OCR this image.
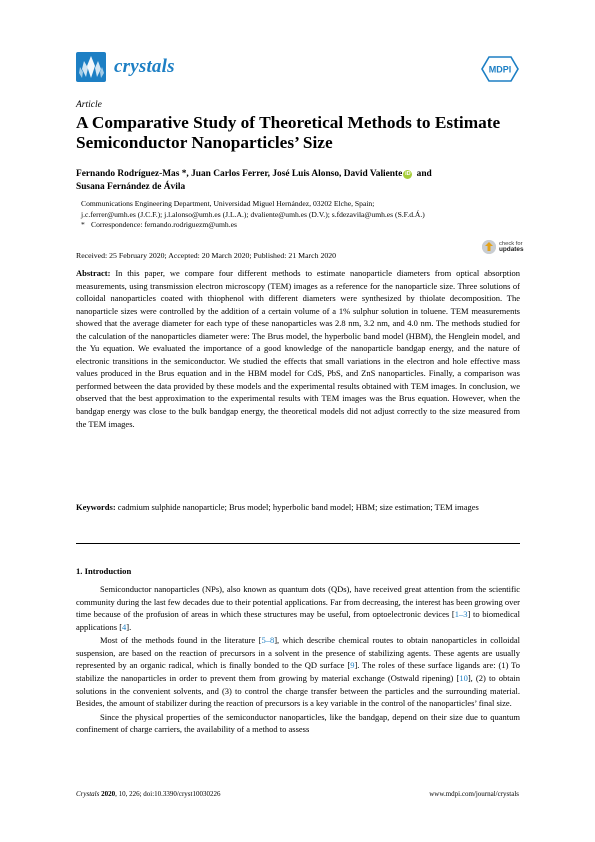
crystals	MDPI
Article
A Comparative Study of Theoretical Methods to Estimate Semiconductor Nanoparticles’ Size
Fernando Rodríguez-Mas *, Juan Carlos Ferrer, José Luis Alonso, David Valiente iD and
Susana Fernández de Ávila
Communications Engineering Department, Universidad Miguel Hernández, 03202 Elche, Spain;
j.c.ferrer@umh.es (J.C.F.); j.l.alonso@umh.es (J.L.A.); dvaliente@umh.es (D.V.); s.fdezavila@umh.es (S.F.d.Á.)
* Correspondence: fernando.rodriguezm@umh.es
Received: 25 February 2020; Accepted: 20 March 2020; Published: 21 March 2020
check for
updates
Abstract: In this paper, we compare four different methods to estimate nanoparticle diameters from optical absorption measurements, using transmission electron microscopy (TEM) images as a reference for the nanoparticle size. Three solutions of colloidal nanoparticles coated with thiophenol with different diameters were synthesized by thiolate decomposition. The nanoparticle sizes were controlled by the addition of a certain volume of a 1% sulphur solution in toluene. TEM measurements showed that the average diameter for each type of these nanoparticles was 2.8 nm, 3.2 nm, and 4.0 nm. The methods studied for the calculation of the nanoparticles diameter were: The Brus model, the hyperbolic band model (HBM), the Henglein model, and the Yu equation. We evaluated the importance of a good knowledge of the nanoparticle bandgap energy, and the nature of electronic transitions in the semiconductor. We studied the effects that small variations in the electron and hole effective mass values produced in the Brus equation and in the HBM model for CdS, PbS, and ZnS nanoparticles. Finally, a comparison was performed between the data provided by these models and the experimental results obtained with TEM images. In conclusion, we observed that the best approximation to the experimental results with TEM images was the Brus equation. However, when the bandgap energy was close to the bulk bandgap energy, the theoretical models did not adjust correctly to the size measured from the TEM images.
Keywords: cadmium sulphide nanoparticle; Brus model; hyperbolic band model; HBM; size estimation; TEM images
1. Introduction

Semiconductor nanoparticles (NPs), also known as quantum dots (QDs), have received great attention from the scientific community during the last few decades due to their potential applications. Far from decreasing, the interest has been growing over time because of the profusion of areas in which these structures may be useful, from optoelectronic devices [1–3] to biomedical applications [4].

Most of the methods found in the literature [5–8], which describe chemical routes to obtain nanoparticles in colloidal suspension, are based on the reaction of precursors in a solvent in the presence of stabilizing agents. These agents are usually represented by an organic radical, which is finally bonded to the QD surface [9]. The roles of these surface ligands are: (1) To stabilize the nanoparticles in order to prevent them from growing by material exchange (Ostwald ripening) [10], (2) to obtain solutions in the convenient solvents, and (3) to control the charge transfer between the particles and the surrounding material. Besides, the amount of stabilizer during the reaction of precursors is a key variable in the control of the nanoparticles’ final size.

Since the physical properties of the semiconductor nanoparticles, like the bandgap, depend on their size due to quantum confinement of charge carriers, the availability of a method to assess

Crystals 2020, 10, 226; doi:10.3390/cryst10030226	www.mdpi.com/journal/crystals
